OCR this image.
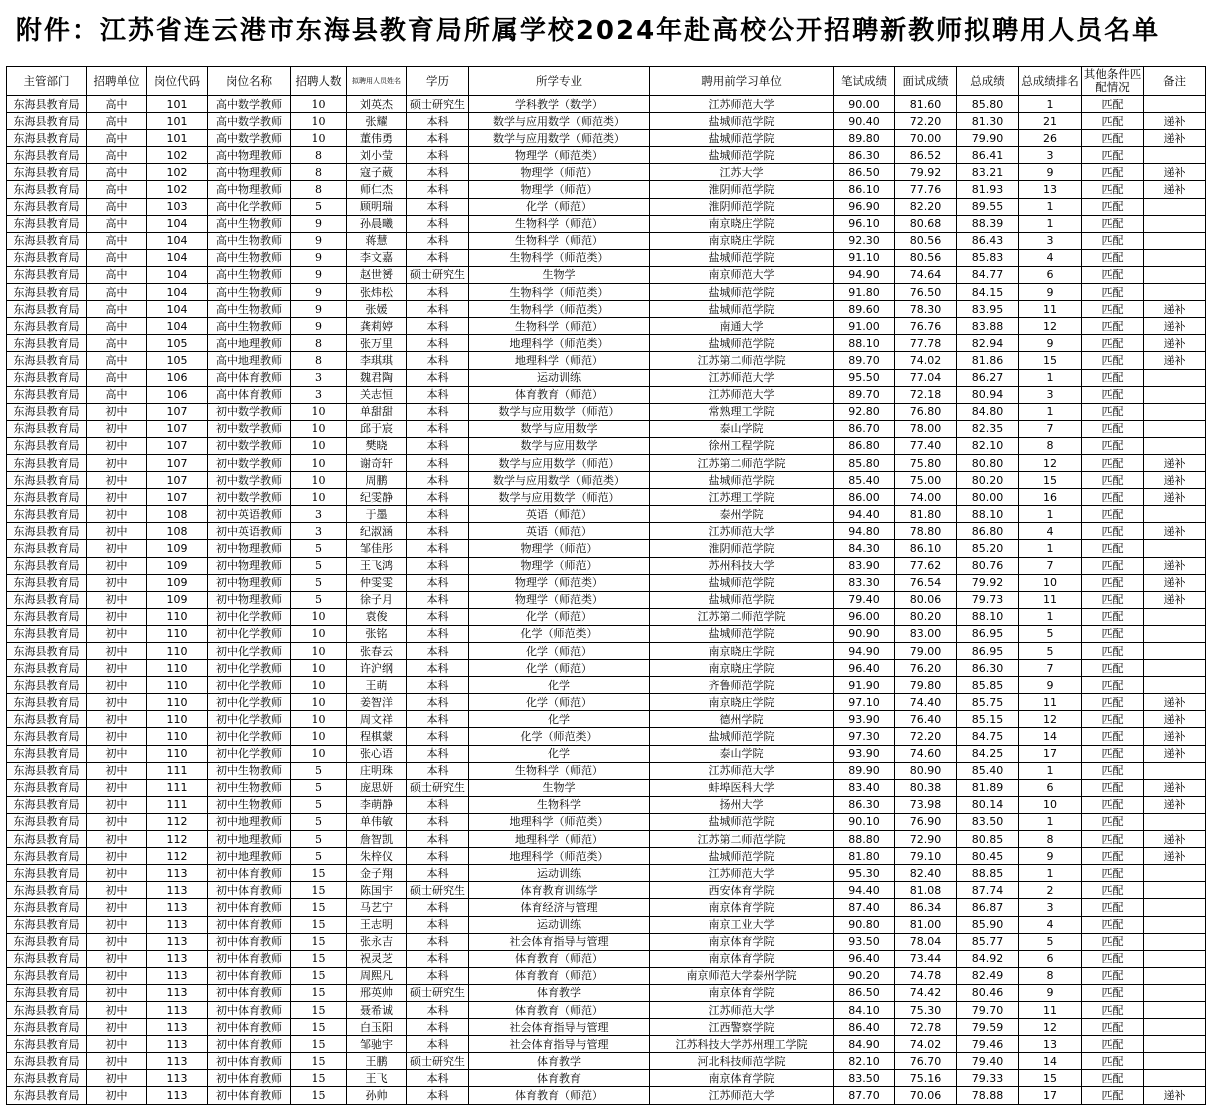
附件：江苏省连云港市东海县教育局所属学校2024年赴高校公开招聘新教师拟聘用人员名单
主管部门	招聘单位	岗位代码	岗位名称	招聘人数	拟聘用人员姓名	学历	所学专业	聘用前学习单位	笔试成绩	面试成绩	总成绩	总成绩排名	其他条件匹配情况	备注
东海县教育局	高中	101	高中数学教师	10	刘英杰	硕士研究生	学科教学（数学）	江苏师范大学	90.00	81.60	85.80	1	匹配	
东海县教育局	高中	101	高中数学教师	10	张耀	本科	数学与应用数学（师范类）	盐城师范学院	90.40	72.20	81.30	21	匹配	递补
东海县教育局	高中	101	高中数学教师	10	董伟勇	本科	数学与应用数学（师范类）	盐城师范学院	89.80	70.00	79.90	26	匹配	递补
东海县教育局	高中	102	高中物理教师	8	刘小莹	本科	物理学（师范类）	盐城师范学院	86.30	86.52	86.41	3	匹配	
东海县教育局	高中	102	高中物理教师	8	寇子葳	本科	物理学（师范）	江苏大学	86.50	79.92	83.21	9	匹配	递补
东海县教育局	高中	102	高中物理教师	8	师仁杰	本科	物理学（师范）	淮阴师范学院	86.10	77.76	81.93	13	匹配	递补
东海县教育局	高中	103	高中化学教师	5	顾明瑞	本科	化学（师范）	淮阴师范学院	96.90	82.20	89.55	1	匹配	
东海县教育局	高中	104	高中生物教师	9	孙晨曦	本科	生物科学（师范）	南京晓庄学院	96.10	80.68	88.39	1	匹配	
东海县教育局	高中	104	高中生物教师	9	蒋慧	本科	生物科学（师范）	南京晓庄学院	92.30	80.56	86.43	3	匹配	
东海县教育局	高中	104	高中生物教师	9	李文嘉	本科	生物科学（师范类）	盐城师范学院	91.10	80.56	85.83	4	匹配	
东海县教育局	高中	104	高中生物教师	9	赵世赟	硕士研究生	生物学	南京师范大学	94.90	74.64	84.77	6	匹配	
东海县教育局	高中	104	高中生物教师	9	张炜松	本科	生物科学（师范类）	盐城师范学院	91.80	76.50	84.15	9	匹配	
东海县教育局	高中	104	高中生物教师	9	张媛	本科	生物科学（师范类）	盐城师范学院	89.60	78.30	83.95	11	匹配	递补
东海县教育局	高中	104	高中生物教师	9	龚莉婷	本科	生物科学（师范）	南通大学	91.00	76.76	83.88	12	匹配	递补
东海县教育局	高中	105	高中地理教师	8	张万里	本科	地理科学（师范类）	盐城师范学院	88.10	77.78	82.94	9	匹配	递补
东海县教育局	高中	105	高中地理教师	8	李琪琪	本科	地理科学（师范）	江苏第二师范学院	89.70	74.02	81.86	15	匹配	递补
东海县教育局	高中	106	高中体育教师	3	魏君陶	本科	运动训练	江苏师范大学	95.50	77.04	86.27	1	匹配	
东海县教育局	高中	106	高中体育教师	3	关志恒	本科	体育教育（师范）	江苏师范大学	89.70	72.18	80.94	3	匹配	
东海县教育局	初中	107	初中数学教师	10	单甜甜	本科	数学与应用数学（师范）	常熟理工学院	92.80	76.80	84.80	1	匹配	
东海县教育局	初中	107	初中数学教师	10	邱于宸	本科	数学与应用数学	泰山学院	86.70	78.00	82.35	7	匹配	
东海县教育局	初中	107	初中数学教师	10	樊晓	本科	数学与应用数学	徐州工程学院	86.80	77.40	82.10	8	匹配	
东海县教育局	初中	107	初中数学教师	10	谢奇轩	本科	数学与应用数学（师范）	江苏第二师范学院	85.80	75.80	80.80	12	匹配	递补
东海县教育局	初中	107	初中数学教师	10	周鹏	本科	数学与应用数学（师范类）	盐城师范学院	85.40	75.00	80.20	15	匹配	递补
东海县教育局	初中	107	初中数学教师	10	纪雯静	本科	数学与应用数学（师范）	江苏理工学院	86.00	74.00	80.00	16	匹配	递补
东海县教育局	初中	108	初中英语教师	3	于墨	本科	英语（师范）	泰州学院	94.40	81.80	88.10	1	匹配	
东海县教育局	初中	108	初中英语教师	3	纪淑涵	本科	英语（师范）	江苏师范大学	94.80	78.80	86.80	4	匹配	递补
东海县教育局	初中	109	初中物理教师	5	邹佳彤	本科	物理学（师范）	淮阴师范学院	84.30	86.10	85.20	1	匹配	
东海县教育局	初中	109	初中物理教师	5	王飞鸿	本科	物理学（师范）	苏州科技大学	83.90	77.62	80.76	7	匹配	递补
东海县教育局	初中	109	初中物理教师	5	仲雯雯	本科	物理学（师范类）	盐城师范学院	83.30	76.54	79.92	10	匹配	递补
东海县教育局	初中	109	初中物理教师	5	徐子月	本科	物理学（师范类）	盐城师范学院	79.40	80.06	79.73	11	匹配	递补
东海县教育局	初中	110	初中化学教师	10	袁俊	本科	化学（师范）	江苏第二师范学院	96.00	80.20	88.10	1	匹配	
东海县教育局	初中	110	初中化学教师	10	张铭	本科	化学（师范类）	盐城师范学院	90.90	83.00	86.95	5	匹配	
东海县教育局	初中	110	初中化学教师	10	张春云	本科	化学（师范）	南京晓庄学院	94.90	79.00	86.95	5	匹配	
东海县教育局	初中	110	初中化学教师	10	许沪纲	本科	化学（师范）	南京晓庄学院	96.40	76.20	86.30	7	匹配	
东海县教育局	初中	110	初中化学教师	10	王萌	本科	化学	齐鲁师范学院	91.90	79.80	85.85	9	匹配	
东海县教育局	初中	110	初中化学教师	10	姜智洋	本科	化学（师范）	南京晓庄学院	97.10	74.40	85.75	11	匹配	递补
东海县教育局	初中	110	初中化学教师	10	周文祥	本科	化学	德州学院	93.90	76.40	85.15	12	匹配	递补
东海县教育局	初中	110	初中化学教师	10	程棋蒙	本科	化学（师范类）	盐城师范学院	97.30	72.20	84.75	14	匹配	递补
东海县教育局	初中	110	初中化学教师	10	张心语	本科	化学	泰山学院	93.90	74.60	84.25	17	匹配	递补
东海县教育局	初中	111	初中生物教师	5	庄明珠	本科	生物科学（师范）	江苏师范大学	89.90	80.90	85.40	1	匹配	
东海县教育局	初中	111	初中生物教师	5	庞思妍	硕士研究生	生物学	蚌埠医科大学	83.40	80.38	81.89	6	匹配	递补
东海县教育局	初中	111	初中生物教师	5	李萌静	本科	生物科学	扬州大学	86.30	73.98	80.14	10	匹配	递补
东海县教育局	初中	112	初中地理教师	5	单伟敏	本科	地理科学（师范类）	盐城师范学院	90.10	76.90	83.50	1	匹配	
东海县教育局	初中	112	初中地理教师	5	詹智凯	本科	地理科学（师范）	江苏第二师范学院	88.80	72.90	80.85	8	匹配	递补
东海县教育局	初中	112	初中地理教师	5	朱梓仪	本科	地理科学（师范类）	盐城师范学院	81.80	79.10	80.45	9	匹配	递补
东海县教育局	初中	113	初中体育教师	15	金子翔	本科	运动训练	江苏师范大学	95.30	82.40	88.85	1	匹配	
东海县教育局	初中	113	初中体育教师	15	陈国宇	硕士研究生	体育教育训练学	西安体育学院	94.40	81.08	87.74	2	匹配	
东海县教育局	初中	113	初中体育教师	15	马艺宁	本科	体育经济与管理	南京体育学院	87.40	86.34	86.87	3	匹配	
东海县教育局	初中	113	初中体育教师	15	王志明	本科	运动训练	南京工业大学	90.80	81.00	85.90	4	匹配	
东海县教育局	初中	113	初中体育教师	15	张永吉	本科	社会体育指导与管理	南京体育学院	93.50	78.04	85.77	5	匹配	
东海县教育局	初中	113	初中体育教师	15	祝灵芝	本科	体育教育（师范）	南京体育学院	96.40	73.44	84.92	6	匹配	
东海县教育局	初中	113	初中体育教师	15	周熙凡	本科	体育教育（师范）	南京师范大学泰州学院	90.20	74.78	82.49	8	匹配	
东海县教育局	初中	113	初中体育教师	15	邢英帅	硕士研究生	体育教学	南京体育学院	86.50	74.42	80.46	9	匹配	
东海县教育局	初中	113	初中体育教师	15	聂希诚	本科	体育教育（师范）	江苏师范大学	84.10	75.30	79.70	11	匹配	
东海县教育局	初中	113	初中体育教师	15	白玉阳	本科	社会体育指导与管理	江西警察学院	86.40	72.78	79.59	12	匹配	
东海县教育局	初中	113	初中体育教师	15	邹驰宇	本科	社会体育指导与管理	江苏科技大学苏州理工学院	84.90	74.02	79.46	13	匹配	
东海县教育局	初中	113	初中体育教师	15	王鹏	硕士研究生	体育教学	河北科技师范学院	82.10	76.70	79.40	14	匹配	
东海县教育局	初中	113	初中体育教师	15	王飞	本科	体育教育	南京体育学院	83.50	75.16	79.33	15	匹配	
东海县教育局	初中	113	初中体育教师	15	孙帅	本科	体育教育（师范）	江苏师范大学	87.70	70.06	78.88	17	匹配	递补
